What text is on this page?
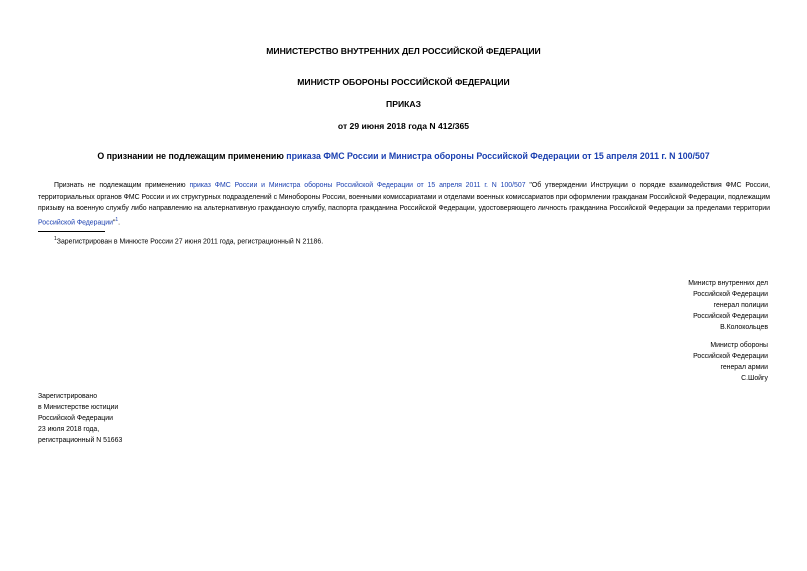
МИНИСТЕРСТВО ВНУТРЕННИХ ДЕЛ РОССИЙСКОЙ ФЕДЕРАЦИИ
МИНИСТР ОБОРОНЫ РОССИЙСКОЙ ФЕДЕРАЦИИ
ПРИКАЗ
от 29 июня 2018 года N 412/365
О признании не подлежащим применению приказа ФМС России и Министра обороны Российской Федерации от 15 апреля 2011 г. N 100/507
Признать не подлежащим применению приказ ФМС России и Министра обороны Российской Федерации от 15 апреля 2011 г. N 100/507 "Об утверждении Инструкции о порядке взаимодействия ФМС России, территориальных органов ФМС России и их структурных подразделений с Минобороны России, военными комиссариатами и отделами военных комиссариатов при оформлении гражданам Российской Федерации, подлежащим призыву на военную службу либо направлению на альтернативную гражданскую службу, паспорта гражданина Российской Федерации, удостоверяющего личность гражданина Российской Федерации за пределами территории Российской Федерации"$^1$.
$^1$Зарегистрирован в Минюсте России 27 июня 2011 года, регистрационный N 21186.
Министр внутренних дел
Российской Федерации
генерал полиции
Российской Федерации
В.Колокольцев
Министр обороны
Российской Федерации
генерал армии
С.Шойгу
Зарегистрировано
в Министерстве юстиции
Российской Федерации
23 июля 2018 года,
регистрационный N 51663
